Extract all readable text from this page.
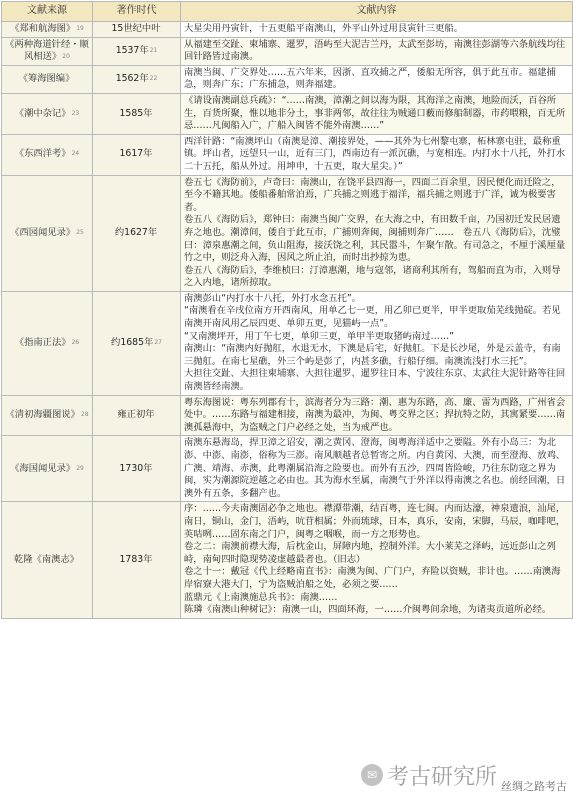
文献来源	著作时代	文献内容
《郑和航海图》$^{19}$	15世纪中叶	大星尖用丹寅针，十五更船平南澳山，外平山外过用艮寅针三更船。

《两种海道针经・顺风相送》$^{20}$	1537年$^{21}$	从福建至交趾、柬埔寨、暹罗，浯屿至大泥吉兰丹，太武至彭坊，南澳往彭湖等六条航线均往回针路皆过南澳。

《筹海图编》	1562年$^{22}$	南澳当闽、广交界处……五六年来，因浙、直攻捕之严，倭船无所容，俱于此互市。福建捕急，则奔广东；广东捕急，则奔福建。

《潮中杂记》$^{23}$	1585年	《请设南澳副总兵疏》：“……南澳，漳潮之间以海为限，其海洋之南澳，地险而沃，百谷所生，百货所聚，惟以地非分土，事非两邻，故往往为贼通口藪而修船制器，市药喂粮，百无所忌……凡闽船入广，广船入闽皆不能外南澳……”

《东西洋考》$^{24}$	1617年	西洋针路：“南澳坪山（南澳是漳、潮接界处，——其外为七州黎屯寨，柘林寨屯驻，最称重镇。坪山者，远望只一山，近有三门，西南边有一派沉礁，与宽相连。内打水十八托，外打水二十五托，船从外过。用坤申，十五更，取大星尖。）”

《西园闻见录》$^{25}$	约1627年	卷五七《海防前》，卢奇曰：南澳山，在饶平县四海一，四面二百余里，因民便化而迁险之，至今不籍其地。倭船番舶常泊焉，广兵捕之则逃于福洋，福兵捕之则逃于广洋，诚为极要害者。
卷五八《海防后》，郑钟曰：南澳当闽广交界，在大海之中，有田数千亩，乃国初迁发民居遗弃之地也。潮漳间，倭自于此互市，广捕则奔闽，闽捕则奔广……　卷五八《海防后》，沈璧曰：漳泉惠潮之间，负山阻海，接沃饶之利，其民嚣斗，乍聚乍散。有司急之，不厘于溪厘量竹之中，则泛舟入海，因风之所止泊，而时出抄掠为患。
卷五八《海防后》，李维桢曰：汀漳惠潮，地与寇邻，诸商利其所有，驾船而直为市，入则导之入内地，诸所掠取。

《指南正法》$^{26}$	约1685年$^{27}$	南澳彭山“内打水十八托，外打水念五托”。
“南澳看在辛戌位南方开西南风，用单乙七一更，用乙卯已更半，甲半更取茄芜线抛碇。若见南澳开南风用乙辰四更、单卯五更，见猫屿一点”。
“又南澳坪开，用丁午七更，单卯三更，单甲半更取猪屿南过……”
南澳山：“南澳内好抛舡，水退无水，下澳是后宅，好抛舡。下是长沙尾，外是云盖寺，有南三抛舡。在南七星礁，外三个屿是彭了，内甚多礁，行船仔细。南澳流浅打水三托”。
大担往交趾、大担往柬埔寨、大担往暹罗、暹罗往日本、宁波往东京、太武往大泥针路等往回南澳皆经南澳。

《清初海疆图说》$^{28}$	雍正初年	粤东海图说：粤东列郡有十，滨海者分为三路：潮、惠为东路，高、廉、雷为西路，广州省会处中。……东路与福建相接，南澳为最冲，为闽、粤交界之区；捍抗特之防，其寓紧要……南澳孤悬海中，为盗贼之门户必经之处，当为戒严也。

《海国闻见录》$^{29}$	1730年	南澳东悬海岛，捍卫漳之诏安，潮之黄冈、澄海，闽粤海洋适中之要隘。外有小岛三：为北澎、中澎、南澎，俗称为三澎。南风顺越者总暂寄之所。内自黄冈、大澳，而至澄海、放鸡、广澳、靖海、赤澳，此粤潮属沿海之险要也。而外有五沙，四周皆险峻，乃往东防寇之界为闽，实为潮源院逆越之必由也。其为海水至属，南澳气于外洋以得南澳之名也。前经回潮，日澳外有五条，多翻产也。

乾隆《南澳志》	1783年	序：……今夫南澳固必争之地也。襟潭带潮，结百粤，连七闽。内而达濠，神泉遗浪，汕尾，南日，铜山，金门，浯屿，吭苷相属；外而琉球，日本，真乐，安南，宋脚，马辰，咖啡吧，英咭咧……固东南之门户，闽粤之咽喉，而一方之形势也。
卷之二：南澳前襟大海，后枕金山，屏障内地，控制外洋。大小莱芜之泽屿，远近彭山之列峙，南甸四时隐现势凌虚越最者也。（旧志）
卷之十一：戴冠《代上经略南直书》：南澳为闽、广门户，弃险以资贼，非计也。……南澳海岸宿寮大港大门，宁为盗贼泊船之处，必须之要……
蓝鼎元《上南澳施总兵书》：南澳……
陈璘《南澳山种树记》：南澳一山，四面环海，一……介闽粤间余地，为诸夷贡道所必经。
✉ 考古研究所 丝绸之路考古
